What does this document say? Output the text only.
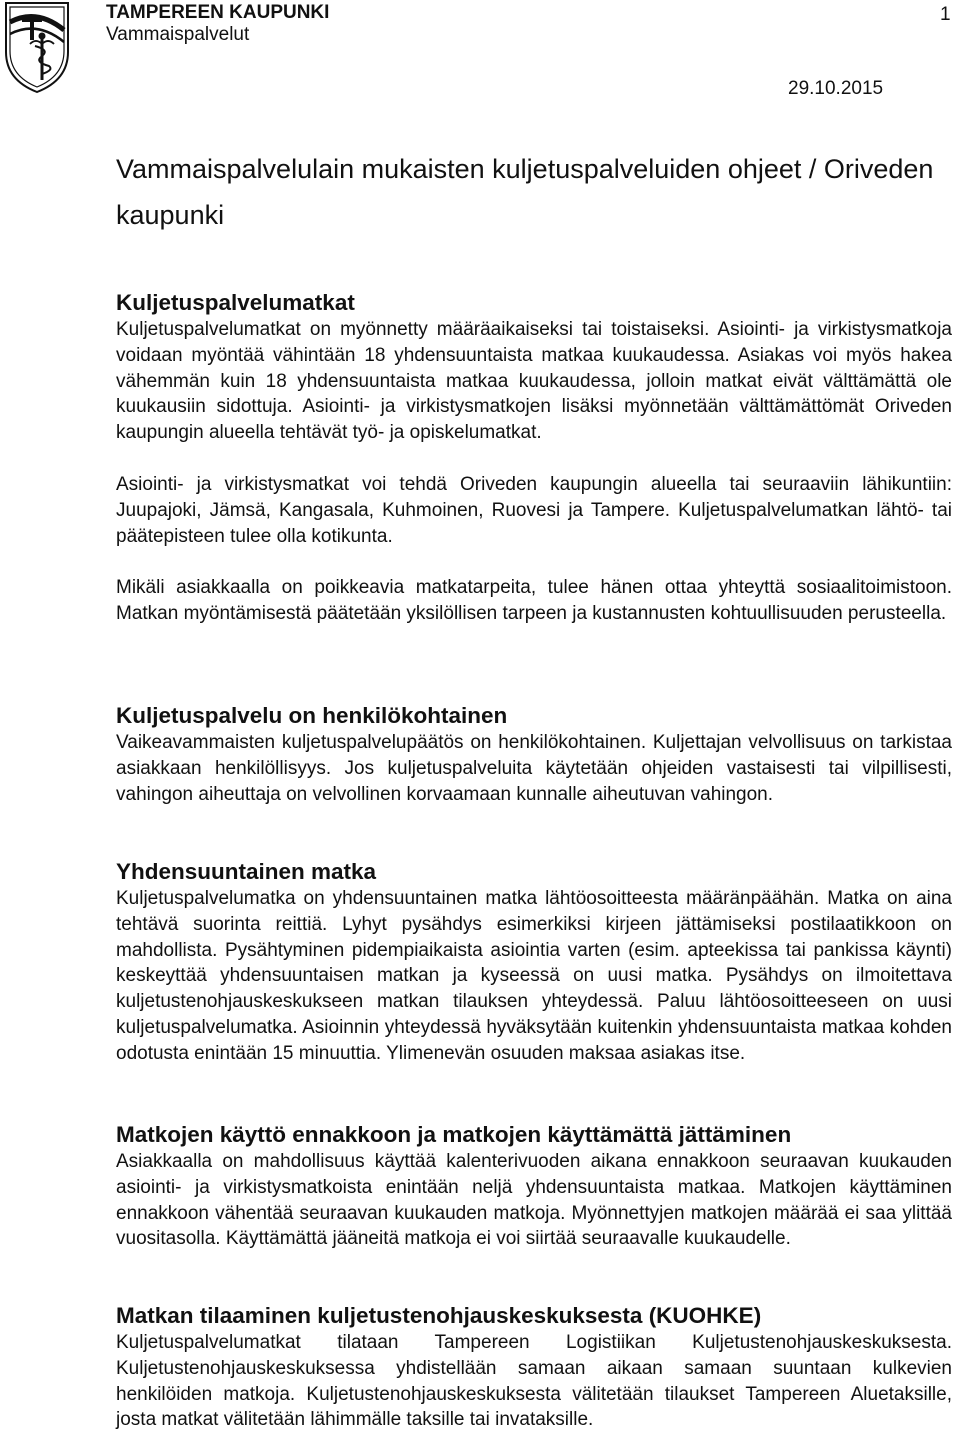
TAMPEREEN KAUPUNKI
Vammaispalvelut
1
29.10.2015
Vammaispalvelulain mukaisten kuljetuspalveluiden ohjeet / Oriveden kaupunki
Kuljetuspalvelumatkat

Kuljetuspalvelumatkat on myönnetty määräaikaiseksi tai toistaiseksi. Asiointi- ja virkistysmatkoja voidaan myöntää vähintään 18 yhdensuuntaista matkaa kuukaudessa. Asiakas voi myös hakea vähemmän kuin 18 yhdensuuntaista matkaa kuukaudessa, jolloin matkat eivät välttämättä ole kuukausiin sidottuja. Asiointi- ja virkistysmatkojen lisäksi myönnetään välttämättömät Oriveden kaupungin alueella tehtävät työ- ja opiskelumatkat.

Asiointi- ja virkistysmatkat voi tehdä Oriveden kaupungin alueella tai seuraaviin lähikuntiin: Juupajoki, Jämsä, Kangasala, Kuhmoinen, Ruovesi ja Tampere. Kuljetuspalvelumatkan lähtö- tai päätepisteen tulee olla kotikunta.

Mikäli asiakkaalla on poikkeavia matkatarpeita, tulee hänen ottaa yhteyttä sosiaalitoimistoon. Matkan myöntämisestä päätetään yksilöllisen tarpeen ja kustannusten kohtuullisuuden perusteella.

Kuljetuspalvelu on henkilökohtainen

Vaikeavammaisten kuljetuspalvelupäätös on henkilökohtainen. Kuljettajan velvollisuus on tarkistaa asiakkaan henkilöllisyys. Jos kuljetuspalveluita käytetään ohjeiden vastaisesti tai vilpillisesti, vahingon aiheuttaja on velvollinen korvaamaan kunnalle aiheutuvan vahingon.

Yhdensuuntainen matka

Kuljetuspalvelumatka on yhdensuuntainen matka lähtöosoitteesta määränpäähän. Matka on aina tehtävä suorinta reittiä. Lyhyt pysähdys esimerkiksi kirjeen jättämiseksi postilaatikkoon on mahdollista. Pysähtyminen pidempiaikaista asiointia varten (esim. apteekissa tai pankissa käynti) keskeyttää yhdensuuntaisen matkan ja kyseessä on uusi matka. Pysähdys on ilmoitettava kuljetustenohjauskeskukseen matkan tilauksen yhteydessä. Paluu lähtöosoitteeseen on uusi kuljetuspalvelumatka. Asioinnin yhteydessä hyväksytään kuitenkin yhdensuuntaista matkaa kohden odotusta enintään 15 minuuttia. Ylimenevän osuuden maksaa asiakas itse.

Matkojen käyttö ennakkoon ja matkojen käyttämättä jättäminen

Asiakkaalla on mahdollisuus käyttää kalenterivuoden aikana ennakkoon seuraavan kuukauden asiointi- ja virkistysmatkoista enintään neljä yhdensuuntaista matkaa. Matkojen käyttäminen ennakkoon vähentää seuraavan kuukauden matkoja. Myönnettyjen matkojen määrää ei saa ylittää vuositasolla. Käyttämättä jääneitä matkoja ei voi siirtää seuraavalle kuukaudelle.

Matkan tilaaminen kuljetustenohjauskeskuksesta (KUOHKE)

Kuljetuspalvelumatkat tilataan Tampereen Logistiikan Kuljetustenohjauskeskuksesta. Kuljetustenohjauskeskuksessa yhdistellään samaan aikaan samaan suuntaan kulkevien henkilöiden matkoja. Kuljetustenohjauskeskuksesta välitetään tilaukset Tampereen Aluetaksille, josta matkat välitetään lähimmälle taksille tai invataksille.
